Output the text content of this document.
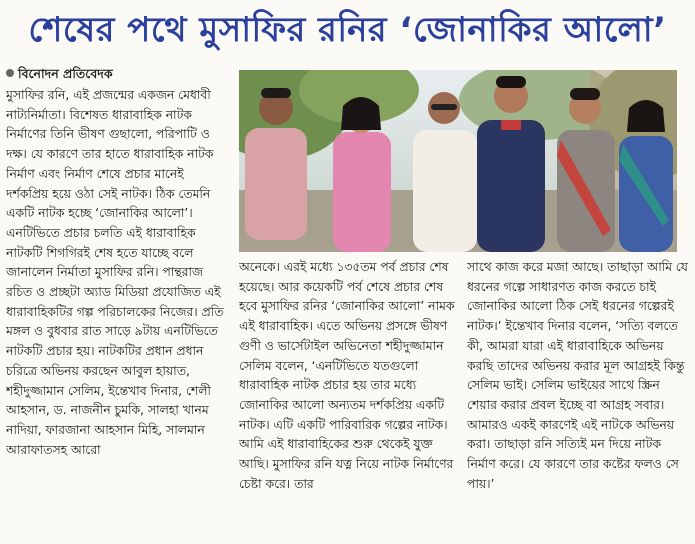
শেষের পথে মুসাফির রনির ‘জোনাকির আলো’
বিনোদন প্রতিবেদক

মুসাফির রনি, এই প্রজন্মের একজন মেধাবী নাট্যনির্মাতা। বিশেষত ধারাবাহিক নাটক নির্মাণের তিনি ভীষণ গুছালো, পরিপাটি ও দক্ষ। যে কারণে তার হাতে ধারাবাহিক নাটক নির্মাণ এবং নির্মাণ শেষে প্রচার মানেই দর্শকপ্রিয় হয়ে ওঠা সেই নাটক। ঠিক তেমনি একটি নাটক হচ্ছে ‘জোনাকির আলো’। এনটিভিতে প্রচার চলতি এই ধারাবাহিক নাটকটি শিগগিরই শেষ হতে যাচ্ছে বলে জানালেন নির্মাতা মুসাফির রনি। পান্থরাজ রচিত ও প্রচ্ছটা অ্যাড মিডিয়া প্রযোজিত এই ধারাবাহিকটির গল্প পরিচালকের নিজের। প্রতি মঙ্গল ও বুধবার রাত সাড়ে ৯টায় এনটিভিতে নাটকটি প্রচার হয়। নাটকটির প্রধান প্রধান চরিত্রে অভিনয় করছেন আবুল হায়াত, শহীদুজ্জামান সেলিম, ইন্তেখাব দিনার, শেলী আহসান, ড. নাজনীন চুমকি, সালহা খানম নাদিয়া, ফারজানা আহসান মিহি, সালমান আরাফাতসহ আরো

অনেকে। এরই মধ্যে ১৩৫তম পর্ব প্রচার শেষ হয়েছে। আর কয়েকটি পর্ব শেষে প্রচার শেষ হবে মুসাফির রনির ‘জোনাকির আলো’ নামক এই ধারাবাহিক। এতে অভিনয় প্রসঙ্গে ভীষণ গুণী ও ভার্সেটাইল অভিনেতা শহীদুজ্জামান সেলিম বলেন, ‘এনটিভিতে যতগুলো ধারাবাহিক নাটক প্রচার হয় তার মধ্যে জোনাকির আলো অন্যতম দর্শকপ্রিয় একটি নাটক। এটি একটি পারিবারিক গল্পের নাটক। আমি এই ধারাবাহিকের শুরু থেকেই যুক্ত আছি। মুসাফির রনি যত্ন নিয়ে নাটক নির্মাণের চেষ্টা করে। তার

সাথে কাজ করে মজা আছে। তাছাড়া আমি যে ধরনের গল্পে সাধারণত কাজ করতে চাই জোনাকির আলো ঠিক সেই ধরনের গল্পেরই নাটক।’ ইন্তেখাব দিনার বলেন, ‘সত্যি বলতে কী, আমরা যারা এই ধারাবাহিকে অভিনয় করছি তাদের অভিনয় করার মূল আগ্রহই কিন্তু সেলিম ভাই। সেলিম ভাইয়ের সাথে স্ক্রিন শেয়ার করার প্রবল ইচ্ছে বা আগ্রহ সবার। আমারও একই কারণেই এই নাটকে অভিনয় করা। তাছাড়া রনি সত্যিই মন দিয়ে নাটক নির্মাণ করে। যে কারণে তার কষ্টের ফলও সে পায়।’
